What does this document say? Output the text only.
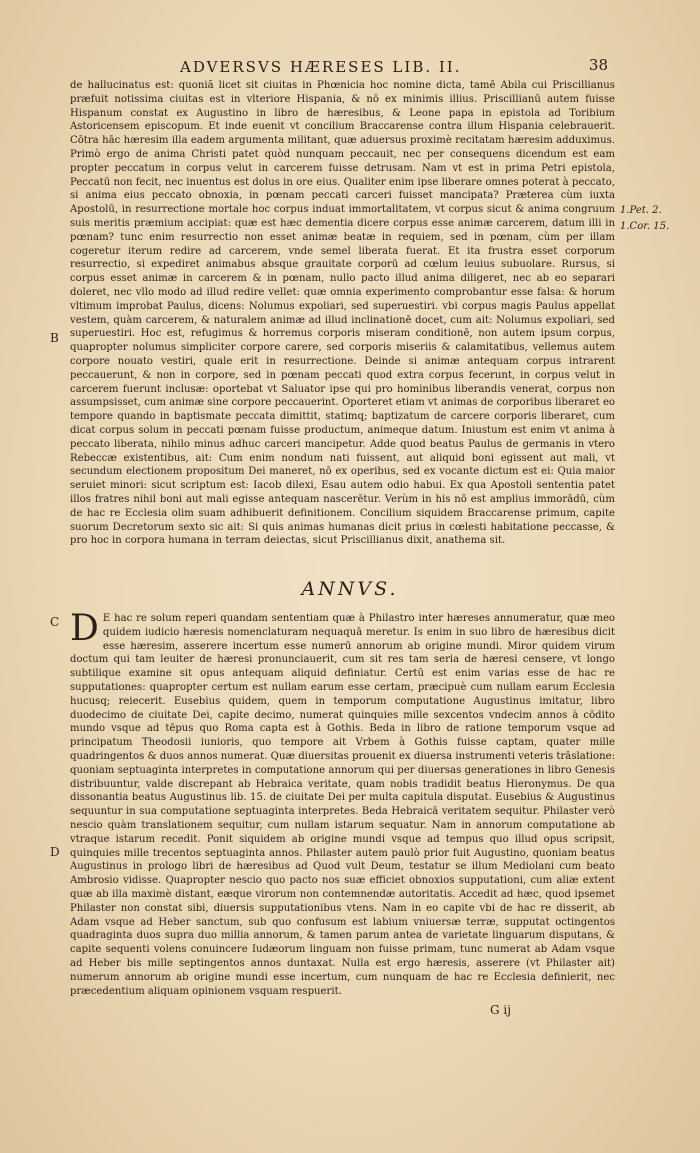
ADVERSVS HÆRESES LIB. II.	38
B
C
D
1.Pet. 2.
1.Cor. 15.

de hallucinatus est: quoniã licet sit ciuitas in Phœnicia hoc nomine dicta, tamē Abila cui Priscillianus præfuit notissima ciuitas est in vlteriore Hispania, & nō ex minimis illius. Priscillianū autem fuisse Hispanum constat ex Augustino in libro de hæresibus, & Leone papa in epistola ad Toribium Astoricensem episcopum. Et inde euenit vt concilium Braccarense contra illum Hispania celebrauerit. Cōtra hāc hæresim illa eadem argumenta militant, quæ aduersus proximè recitatam hæresim adduximus. Primò ergo de anima Christi patet quòd nunquam peccauit, nec per consequens dicendum est eam propter peccatum in corpus velut in carcerem fuisse detrusam. Nam vt est in prima Petri epistola, Peccatū non fecit, nec inuentus est dolus in ore eius. Qualiter enim ipse liberare omnes poterat à peccato, si anima eius peccato obnoxia, in pœnam peccati carceri fuisset mancipata? Præterea cùm iuxta Apostolū, in resurrectione mortale hoc corpus induat immortalitatem, vt corpus sicut & anima congruum suis meritis præmium accipiat: quæ est hæc dementia dicere corpus esse animæ carcerem, datum illi in pœnam? tunc enim resurrectio non esset animæ beatæ in requiem, sed in pœnam, cùm per illam cogeretur iterum redire ad carcerem, vnde semel liberata fuerat. Et ita frustra esset corporum resurrectio, si expediret animabus absque grauitate corporū ad cœlum leuius subuolare. Rursus, si corpus esset animæ in carcerem & in pœnam, nullo pacto illud anima diligeret, nec ab eo separari doleret, nec vllo modo ad illud redire vellet: quæ omnia experimento comprobantur esse falsa: & horum vltimum improbat Paulus, dicens: Nolumus expoliari, sed superuestiri. vbi corpus magis Paulus appellat vestem, quàm carcerem, & naturalem animæ ad illud inclinationē docet, cum ait: Nolumus expoliari, sed superuestiri. Hoc est, refugimus & horremus corporis miseram conditionē, non autem ipsum corpus, quapropter nolumus simpliciter corpore carere, sed corporis miseriis & calamitatibus, vellemus autem corpore nouato vestiri, quale erit in resurrectione. Deinde si animæ antequam corpus intrarent peccauerunt, & non in corpore, sed in pœnam peccati quod extra corpus fecerunt, in corpus velut in carcerem fuerunt inclusæ: oportebat vt Saluator ipse qui pro hominibus liberandis venerat, corpus non assumpsisset, cum animæ sine corpore peccauerint. Oporteret etiam vt animas de corporibus liberaret eo tempore quando in baptismate peccata dimittit, statimq; baptizatum de carcere corporis liberaret, cum dicat corpus solum in peccati pœnam fuisse productum, animeque datum. Iniustum est enim vt anima à peccato liberata, nihilo minus adhuc carceri mancipetur. Adde quod beatus Paulus de germanis in vtero Rebeccæ existentibus, ait: Cum enim nondum nati fuissent, aut aliquid boni egissent aut mali, vt secundum electionem propositum Dei maneret, nō ex operibus, sed ex vocante dictum est ei: Quia maior seruiet minori: sicut scriptum est: Iacob dilexi, Esau autem odio habui. Ex qua Apostoli sententia patet illos fratres nihil boni aut mali egisse antequam nascerētur. Verùm in his nō est amplius immorādū, cùm de hac re Ecclesia olim suam adhibuerit definitionem. Concilium siquidem Braccarense primum, capite suorum Decretorum sexto sic ait: Si quis animas humanas dicit prius in cœlesti habitatione peccasse, & pro hoc in corpora humana in terram deiectas, sicut Priscillianus dixit, anathema sit.

ANNVS.
D E hac re solum reperi quandam sententiam quæ à Philastro inter hæreses annumeratur, quæ meo quidem iudicio hæresis nomenclaturam nequaquā meretur. Is enim in suo libro de hæresibus dicit esse hæresim, asserere incertum esse numerū annorum ab origine mundi. Miror quidem virum doctum qui tam leuiter de hæresi pronunciauerit, cum sit res tam seria de hæresi censere, vt longo subtilique examine sit opus antequam aliquid definiatur. Certū est enim varias esse de hac re supputationes: quapropter certum est nullam earum esse certam, præcipuè cum nullam earum Ecclesia hucusq; reiecerit. Eusebius quidem, quem in temporum computatione Augustinus imitatur, libro duodecimo de ciuitate Dei, capite decimo, numerat quinquies mille sexcentos vndecim annos à cōdito mundo vsque ad tēpus quo Roma capta est à Gothis. Beda in libro de ratione temporum vsque ad principatum Theodosii iunioris, quo tempore ait Vrbem à Gothis fuisse captam, quater mille quadringentos & duos annos numerat. Quæ diuersitas prouenit ex diuersa instrumenti veteris trāslatione: quoniam septuaginta interpretes in computatione annorum qui per diuersas generationes in libro Genesis distribuuntur, valde discrepant ab Hebraica veritate, quam nobis tradidit beatus Hieronymus. De qua dissonantia beatus Augustinus lib. 15. de ciuitate Dei per multa capitula disputat. Eusebius & Augustinus sequuntur in sua computatione septuaginta interpretes. Beda Hebraicā veritatem sequitur. Philaster verò nescio quàm translationem sequitur, cum nullam istarum sequatur. Nam in annorum computatione ab vtraque istarum recedit. Ponit siquidem ab origine mundi vsque ad tempus quo illud opus scripsit, quinquies mille trecentos septuaginta annos. Philaster autem paulò prior fuit Augustino, quoniam beatus Augustinus in prologo libri de hæresibus ad Quod vult Deum, testatur se illum Mediolani cum beato Ambrosio vidisse. Quapropter nescio quo pacto nos suæ efficiet obnoxios supputationi, cum aliæ extent quæ ab illa maximè distant, eæque virorum non contemnendæ autoritatis. Accedit ad hæc, quod ipsemet Philaster non constat sibi, diuersis supputationibus vtens. Nam in eo capite vbi de hac re disserit, ab Adam vsque ad Heber sanctum, sub quo confusum est labium vniuersæ terræ, supputat octingentos quadraginta duos supra duo millia annorum, & tamen parum antea de varietate linguarum disputans, & capite sequenti volens conuincere Iudæorum linguam non fuisse primam, tunc numerat ab Adam vsque ad Heber bis mille septingentos annos duntaxat. Nulla est ergo hæresis, asserere (vt Philaster ait) numerum annorum ab origine mundi esse incertum, cum nunquam de hac re Ecclesia definierit, nec præcedentium aliquam opinionem vsquam respuerit.

G ij
